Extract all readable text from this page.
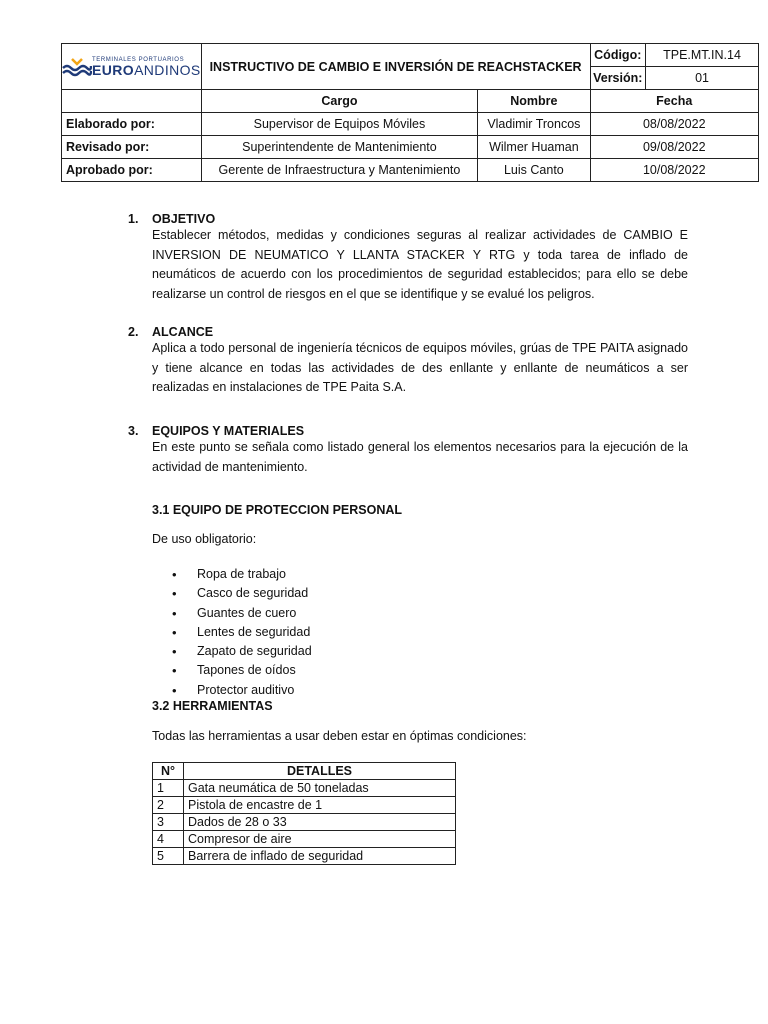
TERMINALES PORTUARIOS
EUROANDINOS	INSTRUCTIVO DE CAMBIO E INVERSIÓN DE REACHSTACKER		Código:	TPE.MT.IN.14
			Versión:	01
	Cargo	Nombre	Fecha	
Elaborado por:	Supervisor de Equipos Móviles	Vladimir Troncos	08/08/2022	
Revisado por:	Superintendente de Mantenimiento	Wilmer Huaman	09/08/2022	
Aprobado por:	Gerente de Infraestructura y Mantenimiento	Luis Canto	10/08/2022	
1.	OBJETIVO
Establecer métodos, medidas y condiciones seguras al realizar actividades de CAMBIO E INVERSION DE NEUMATICO Y LLANTA STACKER Y RTG y toda tarea de inflado de neumáticos de acuerdo con los procedimientos de seguridad establecidos; para ello se debe realizarse un control de riesgos en el que se identifique y se evalué los peligros.
2.	ALCANCE
Aplica a todo personal de ingeniería técnicos de equipos móviles, grúas de TPE PAITA asignado y tiene alcance en todas las actividades de des enllante y enllante de neumáticos a ser realizadas en instalaciones de TPE Paita S.A.
3.	EQUIPOS Y MATERIALES
En este punto se señala como listado general los elementos necesarios para la ejecución de la actividad de mantenimiento.
3.1 EQUIPO DE PROTECCION PERSONAL
De uso obligatorio:
• Ropa de trabajo
• Casco de seguridad
• Guantes de cuero
• Lentes de seguridad
• Zapato de seguridad
• Tapones de oídos
• Protector auditivo
3.2 HERRAMIENTAS
Todas las herramientas a usar deben estar en óptimas condiciones:
N°	DETALLES
1	Gata neumática de 50 toneladas
2	Pistola de encastre de 1
3	Dados de 28 o 33
4	Compresor de aire
5	Barrera de inflado de seguridad
